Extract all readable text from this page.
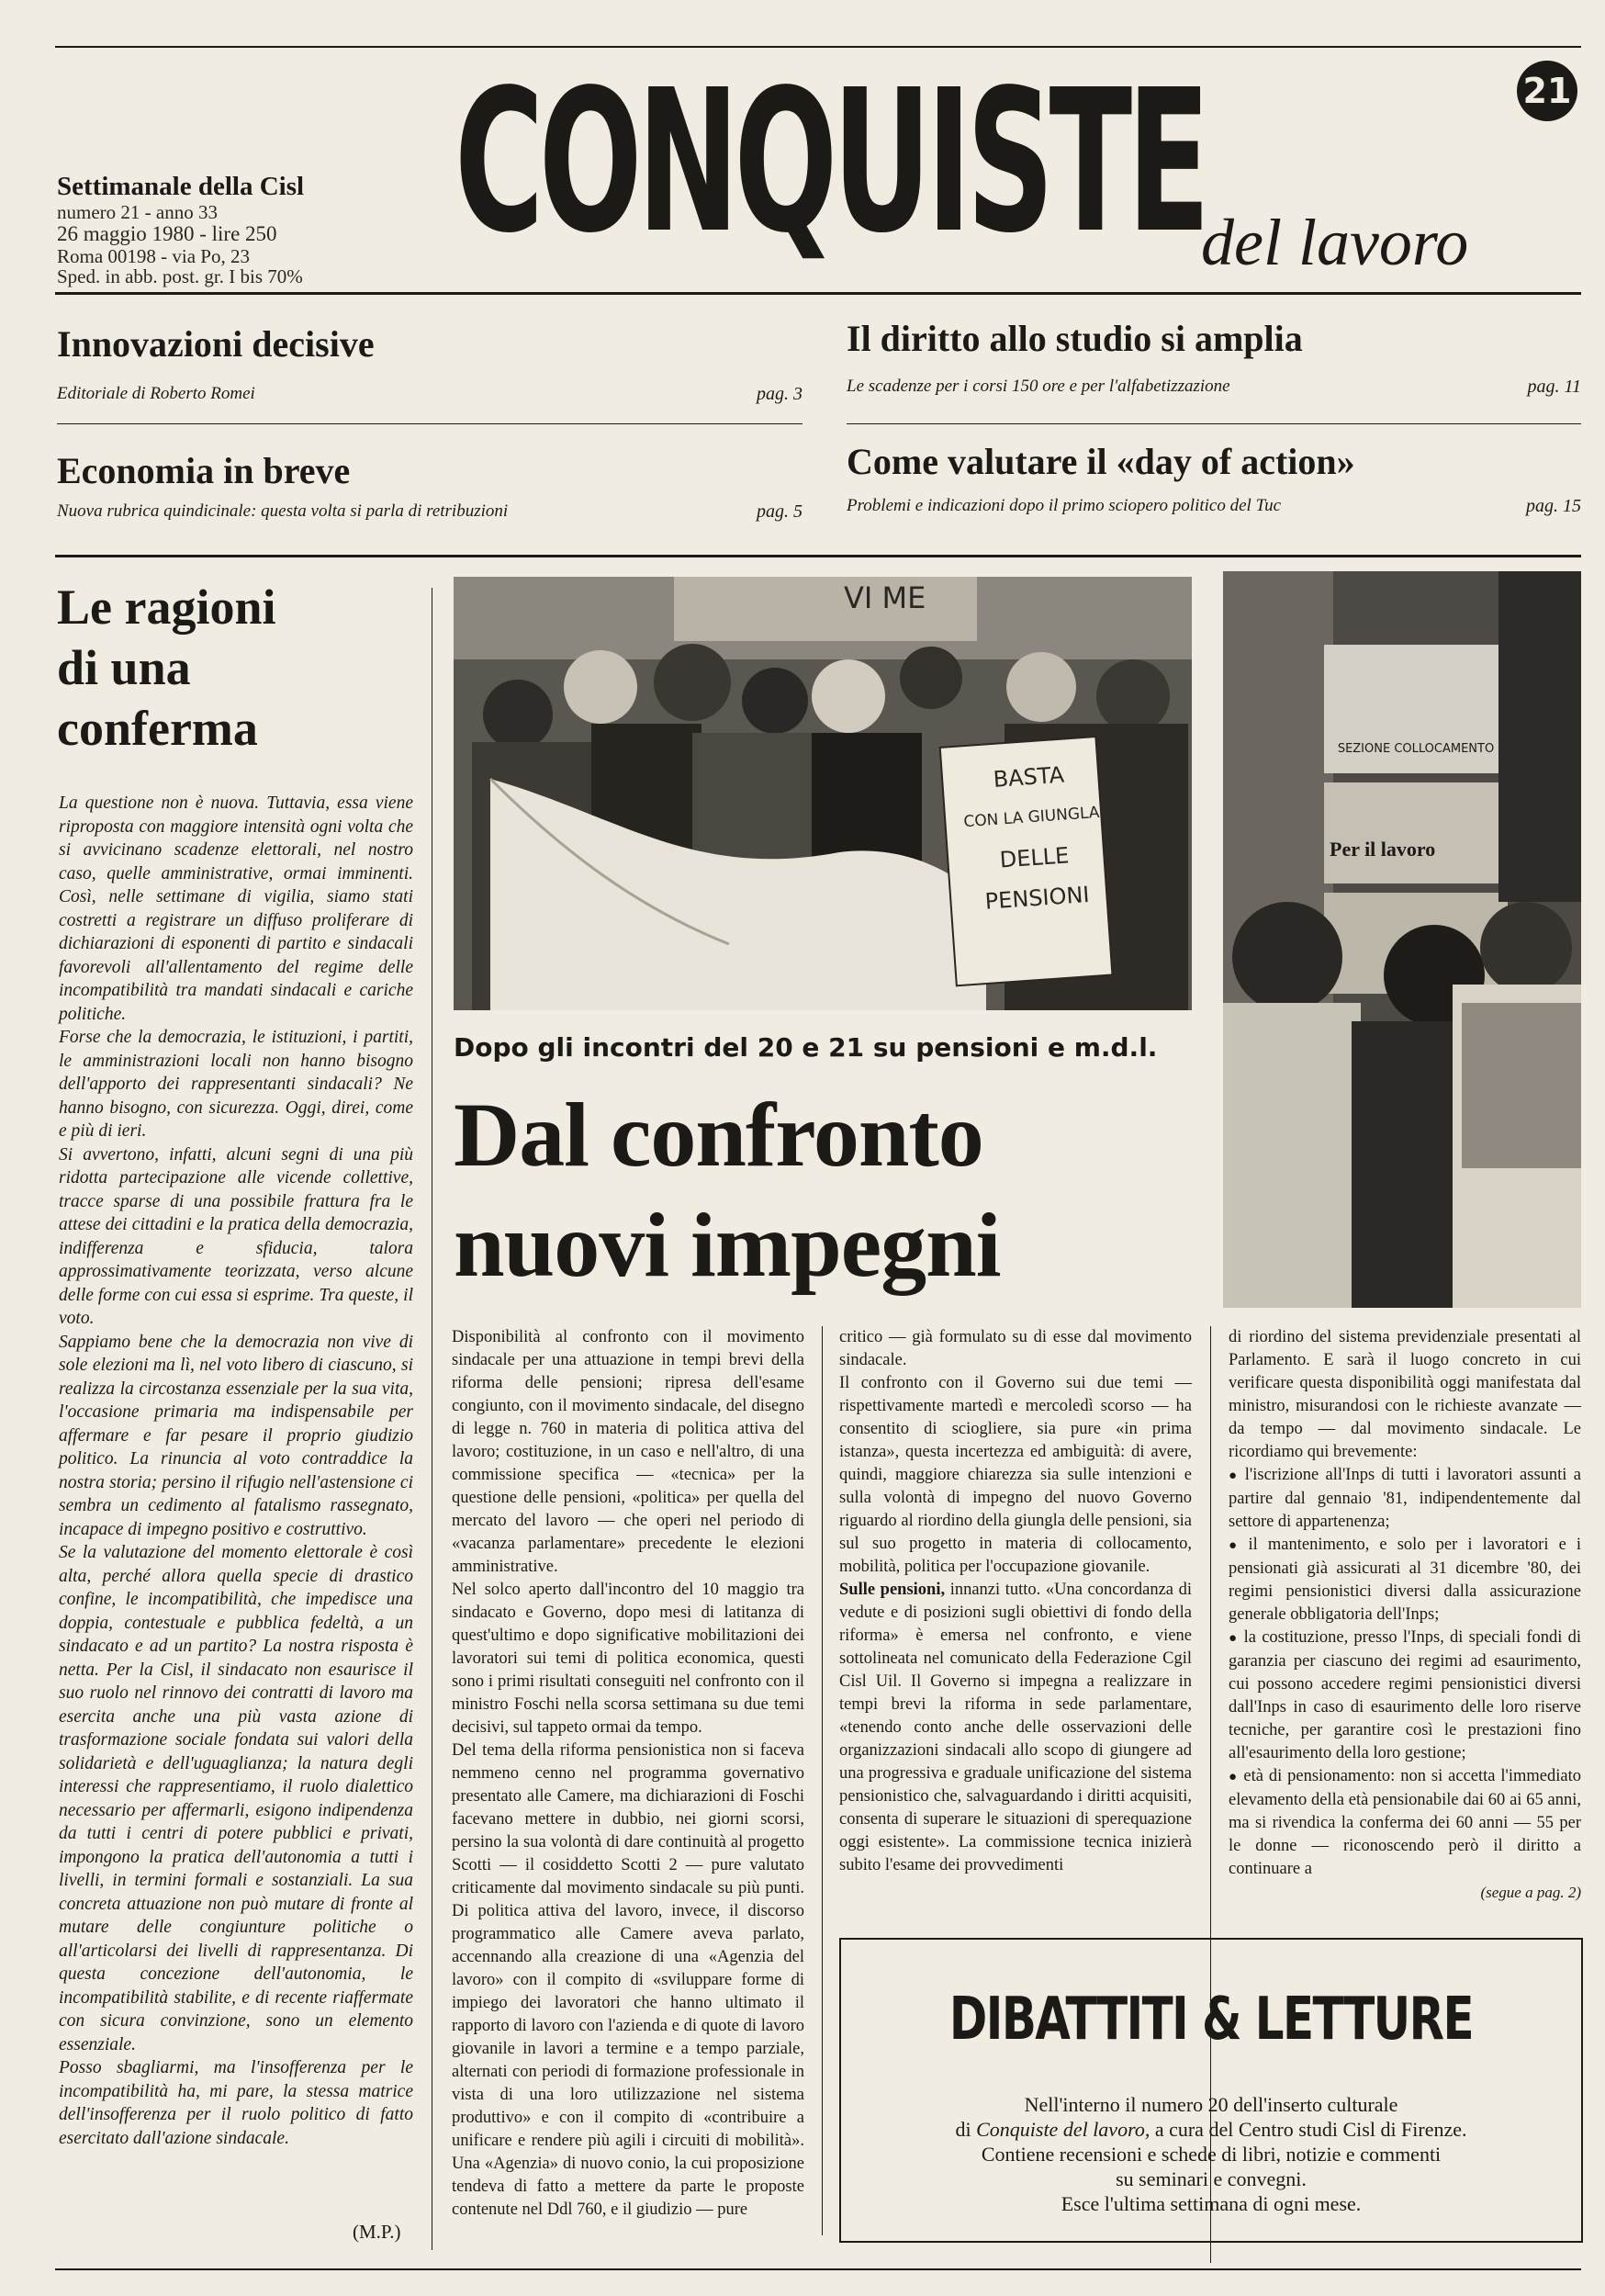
Settimanale della Cisl
numero 21 - anno 33
26 maggio 1980 - lire 250
Roma 00198 - via Po, 23
Sped. in abb. post. gr. I bis 70% CONQUISTE
del lavoro
21
Innovazioni decisive
Editoriale di Roberto Romei	pag. 3
Il diritto allo studio si amplia
Le scadenze per i corsi 150 ore e per l'alfabetizzazione	pag. 11
Economia in breve
Nuova rubrica quindicinale: questa volta si parla di retribuzioni	pag. 5
Come valutare il «day of action»
Problemi e indicazioni dopo il primo sciopero politico del Tuc	pag. 15
Le ragioni
di una
conferma

La questione non è nuova. Tuttavia, essa viene riproposta con maggiore intensità ogni volta che si avvicinano scadenze elettorali, nel nostro caso, quelle amministrative, ormai imminenti. Così, nelle settimane di vigilia, siamo stati costretti a registrare un diffuso proliferare di dichiarazioni di esponenti di partito e sindacali favorevoli all'allentamento del regime delle incompatibilità tra mandati sindacali e cariche politiche.

Forse che la democrazia, le istituzioni, i partiti, le amministrazioni locali non hanno bisogno dell'apporto dei rappresentanti sindacali? Ne hanno bisogno, con sicurezza. Oggi, direi, come e più di ieri.

Si avvertono, infatti, alcuni segni di una più ridotta partecipazione alle vicende collettive, tracce sparse di una possibile frattura fra le attese dei cittadini e la pratica della democrazia, indifferenza e sfiducia, talora approssimativamente teorizzata, verso alcune delle forme con cui essa si esprime. Tra queste, il voto.

Sappiamo bene che la democrazia non vive di sole elezioni ma lì, nel voto libero di ciascuno, si realizza la circostanza essenziale per la sua vita, l'occasione primaria ma indispensabile per affermare e far pesare il proprio giudizio politico. La rinuncia al voto contraddice la nostra storia; persino il rifugio nell'astensione ci sembra un cedimento al fatalismo rassegnato, incapace di impegno positivo e costruttivo.

Se la valutazione del momento elettorale è così alta, perché allora quella specie di drastico confine, le incompatibilità, che impedisce una doppia, contestuale e pubblica fedeltà, a un sindacato e ad un partito? La nostra risposta è netta. Per la Cisl, il sindacato non esaurisce il suo ruolo nel rinnovo dei contratti di lavoro ma esercita anche una più vasta azione di trasformazione sociale fondata sui valori della solidarietà e dell'uguaglianza; la natura degli interessi che rappresentiamo, il ruolo dialettico necessario per affermarli, esigono indipendenza da tutti i centri di potere pubblici e privati, impongono la pratica dell'autonomia a tutti i livelli, in termini formali e sostanziali. La sua concreta attuazione non può mutare di fronte al mutare delle congiunture politiche o all'articolarsi dei livelli di rappresentanza. Di questa concezione dell'autonomia, le incompatibilità stabilite, e di recente riaffermate con sicura convinzione, sono un elemento essenziale.

Posso sbagliarmi, ma l'insofferenza per le incompatibilità ha, mi pare, la stessa matrice dell'insofferenza per il ruolo politico di fatto esercitato dall'azione sindacale.

(M.P.)
BASTA
CON LA GIUNGLA
DELLE
PENSIONI
VI ME
Dopo gli incontri del 20 e 21 su pensioni e m.d.l.
Dal confronto
nuovi impegni
SEZIONE COLLOCAMENTO
Per il lavoro

Disponibilità al confronto con il movimento sindacale per una attuazione in tempi brevi della riforma delle pensioni; ripresa dell'esame congiunto, con il movimento sindacale, del disegno di legge n. 760 in materia di politica attiva del lavoro; costituzione, in un caso e nell'altro, di una commissione specifica — «tecnica» per la questione delle pensioni, «politica» per quella del mercato del lavoro — che operi nel periodo di «vacanza parlamentare» precedente le elezioni amministrative.

Nel solco aperto dall'incontro del 10 maggio tra sindacato e Governo, dopo mesi di latitanza di quest'ultimo e dopo significative mobilitazioni dei lavoratori sui temi di politica economica, questi sono i primi risultati conseguiti nel confronto con il ministro Foschi nella scorsa settimana su due temi decisivi, sul tappeto ormai da tempo.

Del tema della riforma pensionistica non si faceva nemmeno cenno nel programma governativo presentato alle Camere, ma dichiarazioni di Foschi facevano mettere in dubbio, nei giorni scorsi, persino la sua volontà di dare continuità al progetto Scotti — il cosiddetto Scotti 2 — pure valutato criticamente dal movimento sindacale su più punti. Di politica attiva del lavoro, invece, il discorso programmatico alle Camere aveva parlato, accennando alla creazione di una «Agenzia del lavoro» con il compito di «sviluppare forme di impiego dei lavoratori che hanno ultimato il rapporto di lavoro con l'azienda e di quote di lavoro giovanile in lavori a termine e a tempo parziale, alternati con periodi di formazione professionale in vista di una loro utilizzazione nel sistema produttivo» e con il compito di «contribuire a unificare e rendere più agili i circuiti di mobilità». Una «Agenzia» di nuovo conio, la cui proposizione tendeva di fatto a mettere da parte le proposte contenute nel Ddl 760, e il giudizio — pure

critico — già formulato su di esse dal movimento sindacale.

Il confronto con il Governo sui due temi — rispettivamente martedì e mercoledì scorso — ha consentito di sciogliere, sia pure «in prima istanza», questa incertezza ed ambiguità: di avere, quindi, maggiore chiarezza sia sulle intenzioni e sulla volontà di impegno del nuovo Governo riguardo al riordino della giungla delle pensioni, sia sul suo progetto in materia di collocamento, mobilità, politica per l'occupazione giovanile.

Sulle pensioni, innanzi tutto. «Una concordanza di vedute e di posizioni sugli obiettivi di fondo della riforma» è emersa nel confronto, e viene sottolineata nel comunicato della Federazione Cgil Cisl Uil. Il Governo si impegna a realizzare in tempi brevi la riforma in sede parlamentare, «tenendo conto anche delle osservazioni delle organizzazioni sindacali allo scopo di giungere ad una progressiva e graduale unificazione del sistema pensionistico che, salvaguardando i diritti acquisiti, consenta di superare le situazioni di sperequazione oggi esistente». La commissione tecnica inizierà subito l'esame dei provvedimenti

di riordino del sistema previdenziale presentati al Parlamento. E sarà il luogo concreto in cui verificare questa disponibilità oggi manifestata dal ministro, misurandosi con le richieste avanzate — da tempo — dal movimento sindacale. Le ricordiamo qui brevemente:

● l'iscrizione all'Inps di tutti i lavoratori assunti a partire dal gennaio '81, indipendentemente dal settore di appartenenza;

● il mantenimento, e solo per i lavoratori e i pensionati già assicurati al 31 dicembre '80, dei regimi pensionistici diversi dalla assicurazione generale obbligatoria dell'Inps;

● la costituzione, presso l'Inps, di speciali fondi di garanzia per ciascuno dei regimi ad esaurimento, cui possono accedere regimi pensionistici diversi dall'Inps in caso di esaurimento delle loro riserve tecniche, per garantire così le prestazioni fino all'esaurimento della loro gestione;

● età di pensionamento: non si accetta l'immediato elevamento della età pensionabile dai 60 ai 65 anni, ma si rivendica la conferma dei 60 anni — 55 per le donne — riconoscendo però il diritto a continuare a

(segue a pag. 2)
DIBATTITI & LETTURE
Nell'interno il numero 20 dell'inserto culturale
di Conquiste del lavoro, a cura del Centro studi Cisl di Firenze.
Contiene recensioni e schede di libri, notizie e commenti
su seminari e convegni.
Esce l'ultima settimana di ogni mese.
